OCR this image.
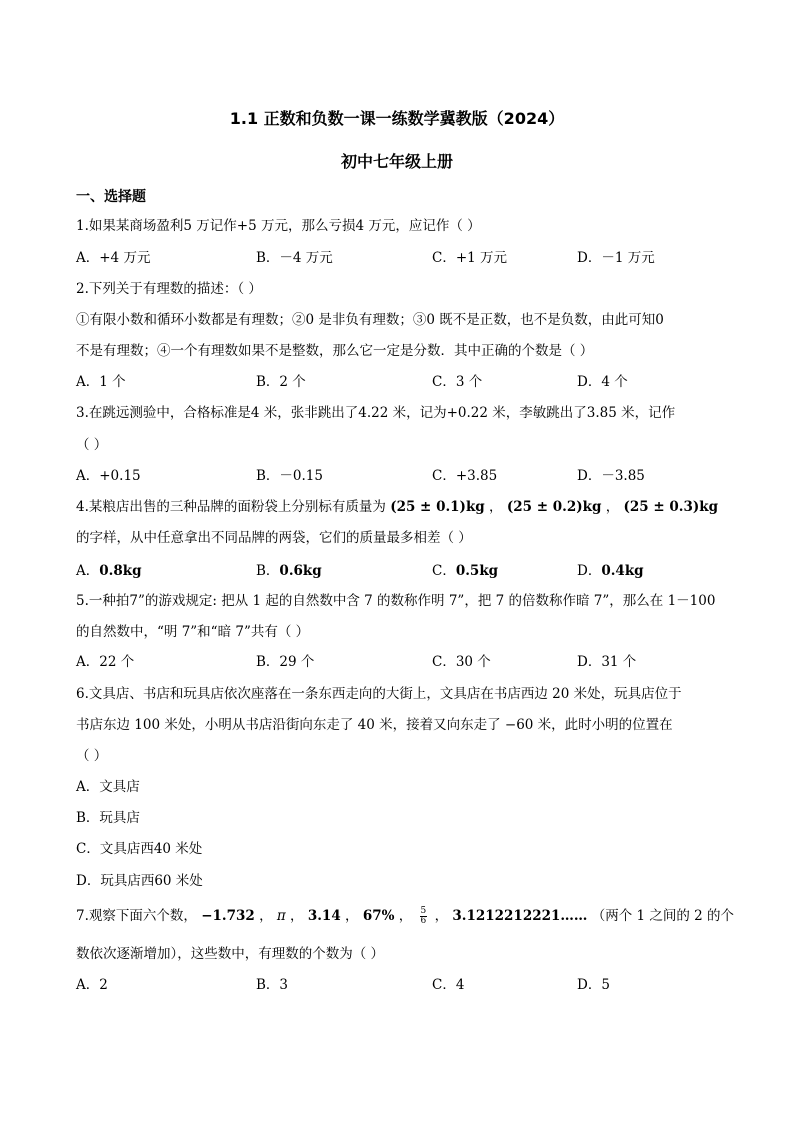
1.1 正数和负数一课一练数学冀教版（2024）
初中七年级上册
一、选择题
1.如果某商场盈利5 万记作+5 万元，那么亏损4 万元，应记作（ ）
A．+4 万元	B．－4 万元	C．+1 万元	D．－1 万元
2.下列关于有理数的描述：（ ）
①有限小数和循环小数都是有理数；②0 是非负有理数；③0 既不是正数，也不是负数，由此可知0
不是有理数；④一个有理数如果不是整数，那么它一定是分数．其中正确的个数是（ ）
A．1 个	B．2 个	C．3 个	D．4 个
3.在跳远测验中，合格标准是4 米，张非跳出了4.22 米，记为+0.22 米，李敏跳出了3.85 米，记作
（ ）
A．+0.15	B．－0.15	C．+3.85	D．－3.85
4.某粮店出售的三种品牌的面粉袋上分别标有质量为 (25 ± 0.1)kg ， (25 ± 0.2)kg ， (25 ± 0.3)kg
的字样，从中任意拿出不同品牌的两袋，它们的质量最多相差（ ）
A．0.8kg	B．0.6kg	C．0.5kg	D．0.4kg
5.一种拍7”的游戏规定: 把从 1 起的自然数中含 7 的数称作明 7”，把 7 的倍数称作暗 7”，那么在 1－100
的自然数中，“明 7”和“暗 7”共有（ ）
A．22 个	B．29 个	C．30 个	D．31 个
6.文具店、书店和玩具店依次座落在一条东西走向的大街上，文具店在书店西边 20 米处，玩具店位于
书店东边 100 米处，小明从书店沿街向东走了 40 米，接着又向东走了 −60 米，此时小明的位置在
（ ）
A．文具店
B．玩具店
C．文具店西40 米处
D．玩具店西60 米处
7.观察下面六个数， −1.732 ， π ， 3.14 ， 67% ， $\frac{5}{6}$ ， 3.1212212221…… （两个 1 之间的 2 的个
数依次逐渐增加），这些数中，有理数的个数为（ ）
A．2	B．3	C．4	D．5
